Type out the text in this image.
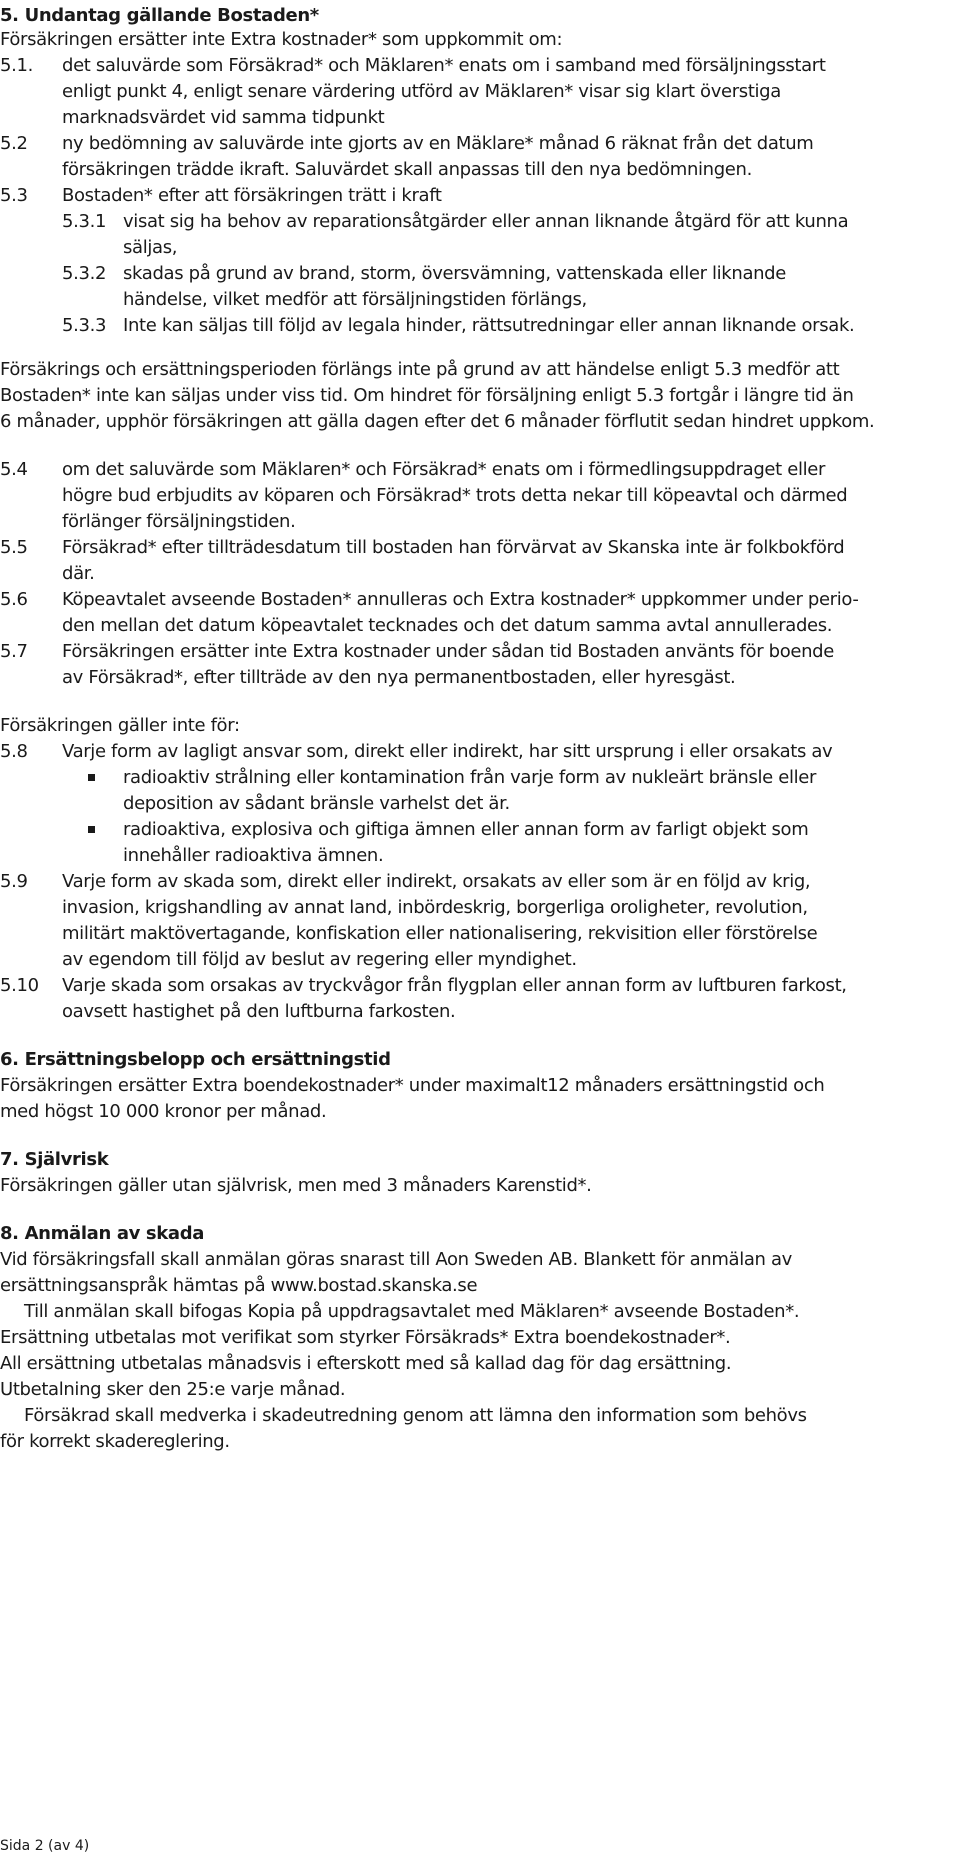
5. Undantag gällande Bostaden*
Försäkringen ersätter inte Extra kostnader* som uppkommit om:
5.1. det saluvärde som Försäkrad* och Mäklaren* enats om i samband med försäljningsstart
enligt punkt 4, enligt senare värdering utförd av Mäklaren* visar sig klart överstiga
marknadsvärdet vid samma tidpunkt
5.2 ny bedömning av saluvärde inte gjorts av en Mäklare* månad 6 räknat från det datum
försäkringen trädde ikraft. Saluvärdet skall anpassas till den nya bedömningen.
5.3 Bostaden* efter att försäkringen trätt i kraft
5.3.1 visat sig ha behov av reparationsåtgärder eller annan liknande åtgärd för att kunna
säljas,
5.3.2 skadas på grund av brand, storm, översvämning, vattenskada eller liknande
händelse, vilket medför att försäljningstiden förlängs,
5.3.3 Inte kan säljas till följd av legala hinder, rättsutredningar eller annan liknande orsak.
Försäkrings och ersättningsperioden förlängs inte på grund av att händelse enligt 5.3 medför att
Bostaden* inte kan säljas under viss tid. Om hindret för försäljning enligt 5.3 fortgår i längre tid än
6 månader, upphör försäkringen att gälla dagen efter det 6 månader förflutit sedan hindret uppkom.
5.4 om det saluvärde som Mäklaren* och Försäkrad* enats om i förmedlingsuppdraget eller
högre bud erbjudits av köparen och Försäkrad* trots detta nekar till köpeavtal och därmed
förlänger försäljningstiden.
5.5 Försäkrad* efter tillträdesdatum till bostaden han förvärvat av Skanska inte är folkbokförd
där.
5.6 Köpeavtalet avseende Bostaden* annulleras och Extra kostnader* uppkommer under perio-
den mellan det datum köpeavtalet tecknades och det datum samma avtal annullerades.
5.7 Försäkringen ersätter inte Extra kostnader under sådan tid Bostaden använts för boende
av Försäkrad*, efter tillträde av den nya permanentbostaden, eller hyresgäst.
Försäkringen gäller inte för:
5.8 Varje form av lagligt ansvar som, direkt eller indirekt, har sitt ursprung i eller orsakats av
radioaktiv strålning eller kontamination från varje form av nukleärt bränsle eller
deposition av sådant bränsle varhelst det är.
radioaktiva, explosiva och giftiga ämnen eller annan form av farligt objekt som
innehåller radioaktiva ämnen.
5.9 Varje form av skada som, direkt eller indirekt, orsakats av eller som är en följd av krig,
invasion, krigshandling av annat land, inbördeskrig, borgerliga oroligheter, revolution,
militärt maktövertagande, konfiskation eller nationalisering, rekvisition eller förstörelse
av egendom till följd av beslut av regering eller myndighet.
5.10 Varje skada som orsakas av tryckvågor från flygplan eller annan form av luftburen farkost,
oavsett hastighet på den luftburna farkosten.
6. Ersättningsbelopp och ersättningstid
Försäkringen ersätter Extra boendekostnader* under maximalt12 månaders ersättningstid och
med högst 10 000 kronor per månad.
7. Självrisk
Försäkringen gäller utan självrisk, men med 3 månaders Karenstid*.
8. Anmälan av skada
Vid försäkringsfall skall anmälan göras snarast till Aon Sweden AB. Blankett för anmälan av
ersättningsanspråk hämtas på www.bostad.skanska.se
Till anmälan skall bifogas Kopia på uppdragsavtalet med Mäklaren* avseende Bostaden*.
Ersättning utbetalas mot verifikat som styrker Försäkrads* Extra boendekostnader*.
All ersättning utbetalas månadsvis i efterskott med så kallad dag för dag ersättning.
Utbetalning sker den 25:e varje månad.
Försäkrad skall medverka i skadeutredning genom att lämna den information som behövs
för korrekt skadereglering.
Sida 2 (av 4)
